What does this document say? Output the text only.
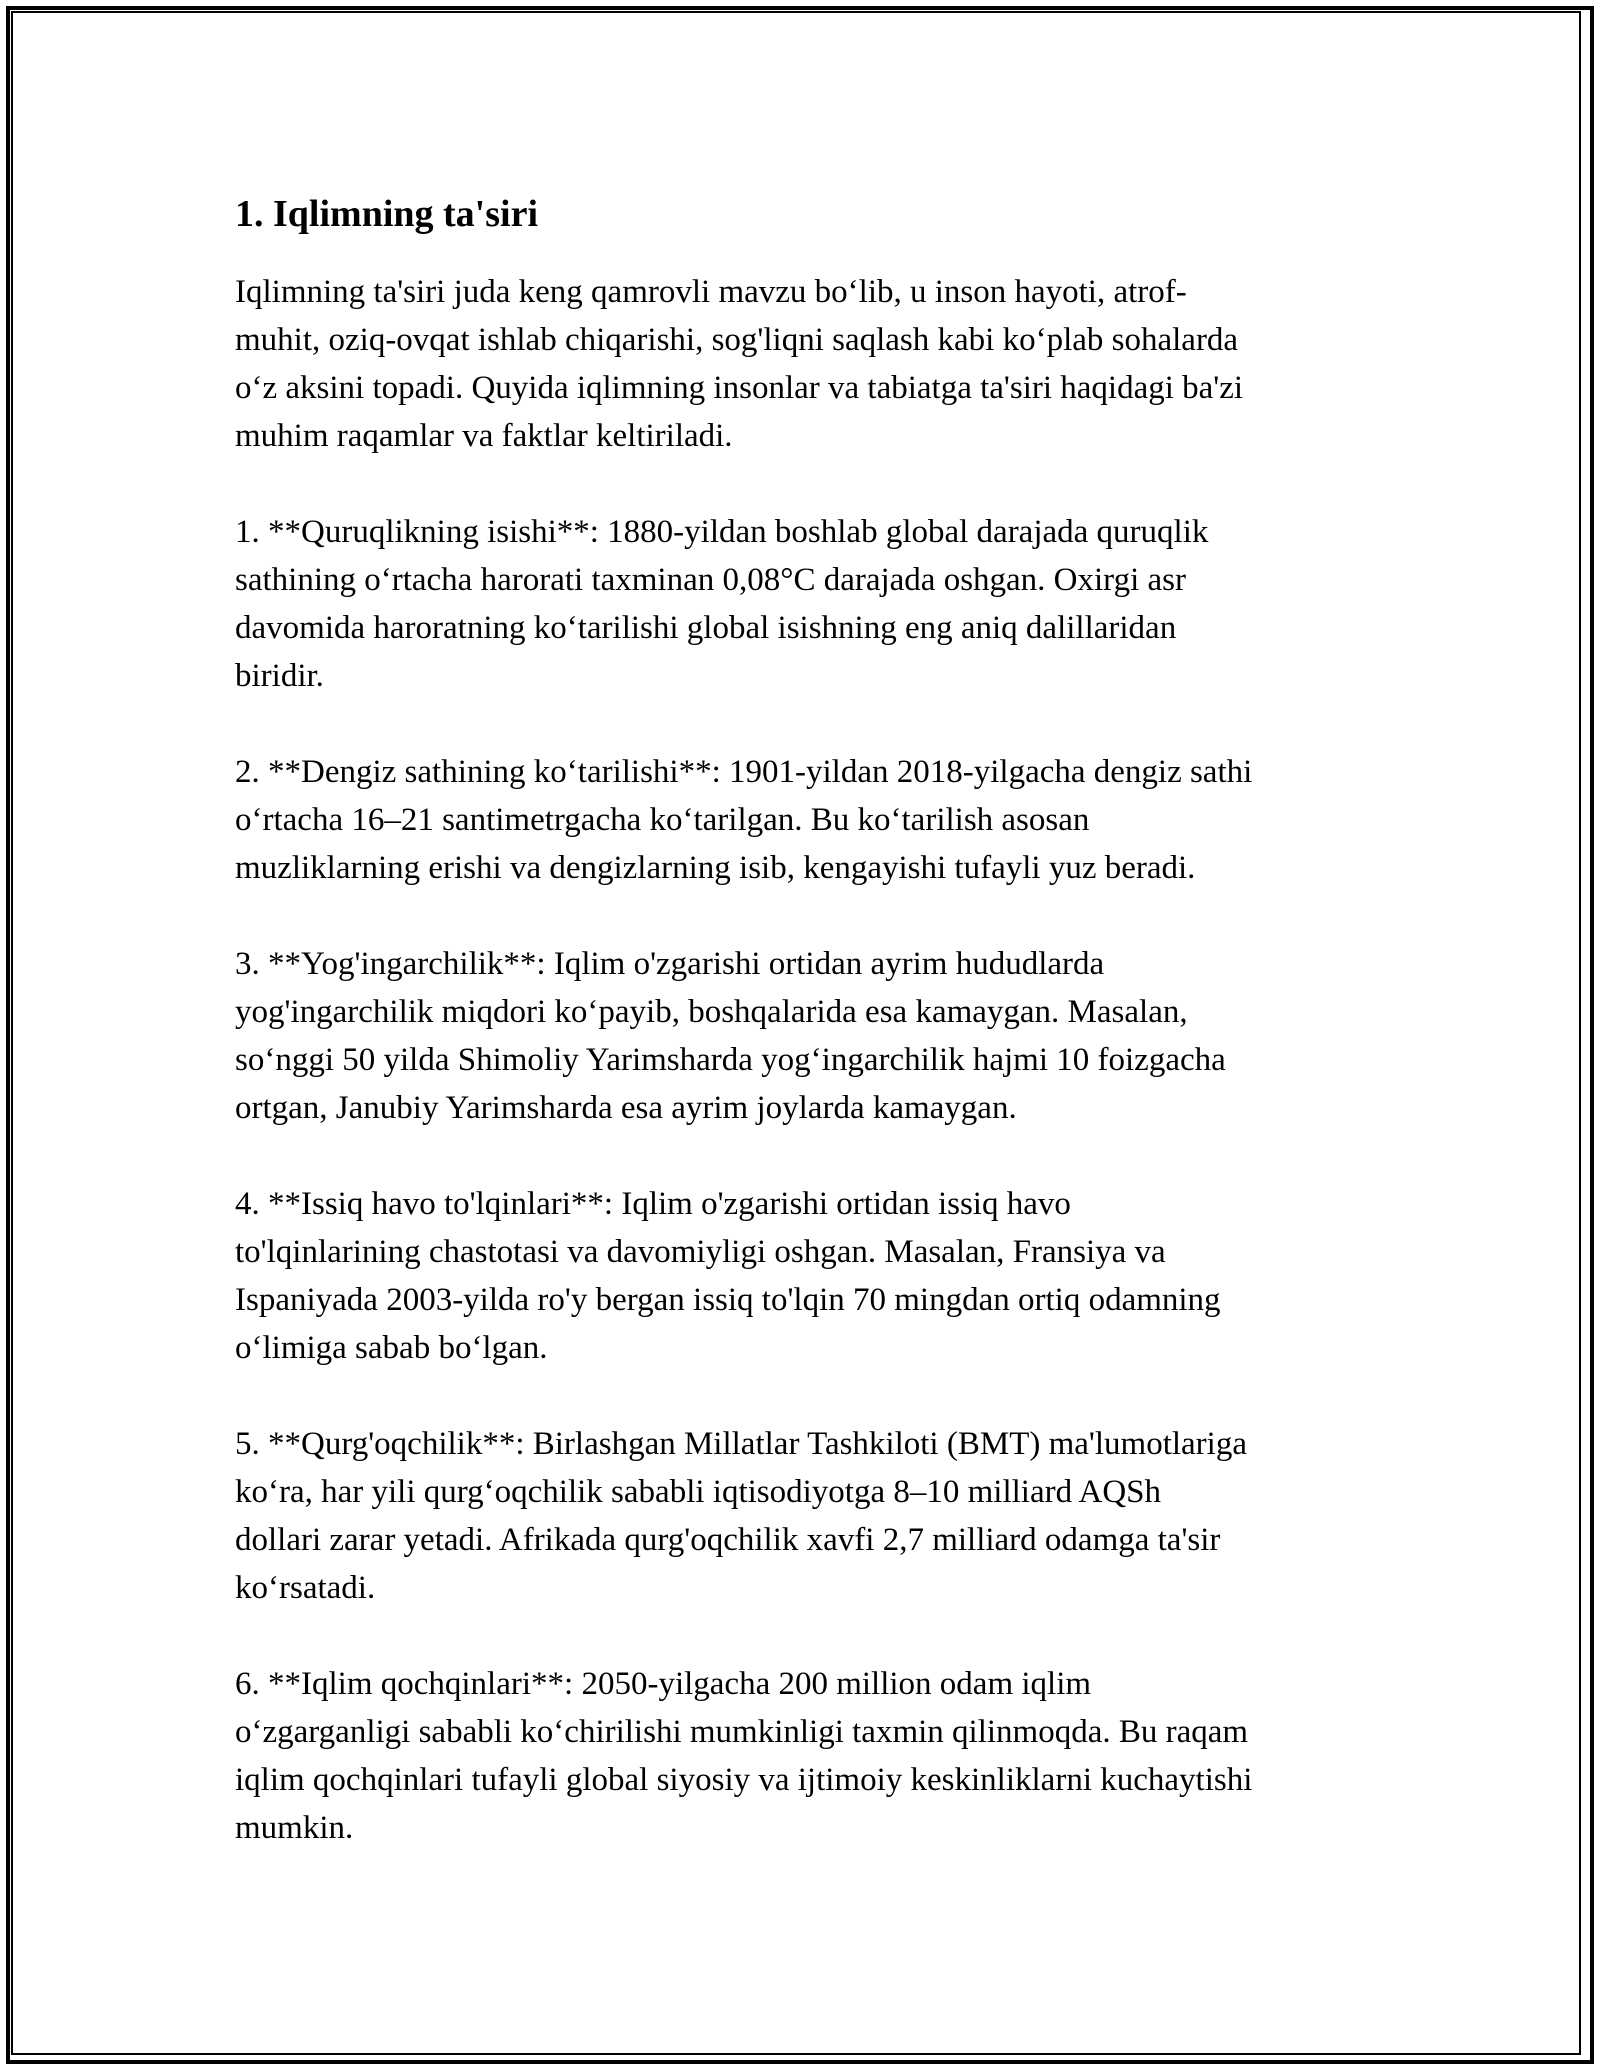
1. Iqlimning ta'siri

Iqlimning ta'siri juda keng qamrovli mavzu bo‘lib, u inson hayoti, atrof-
muhit, oziq-ovqat ishlab chiqarishi, sog'liqni saqlash kabi ko‘plab sohalarda
o‘z aksini topadi. Quyida iqlimning insonlar va tabiatga ta'siri haqidagi ba'zi
muhim raqamlar va faktlar keltiriladi.

1. **Quruqlikning isishi**: 1880-yildan boshlab global darajada quruqlik
sathining o‘rtacha harorati taxminan 0,08°C darajada oshgan. Oxirgi asr
davomida haroratning ko‘tarilishi global isishning eng aniq dalillaridan
biridir.

2. **Dengiz sathining ko‘tarilishi**: 1901-yildan 2018-yilgacha dengiz sathi
o‘rtacha 16–21 santimetrgacha ko‘tarilgan. Bu ko‘tarilish asosan
muzliklarning erishi va dengizlarning isib, kengayishi tufayli yuz beradi.

3. **Yog'ingarchilik**: Iqlim o'zgarishi ortidan ayrim hududlarda
yog'ingarchilik miqdori ko‘payib, boshqalarida esa kamaygan. Masalan,
so‘nggi 50 yilda Shimoliy Yarimsharda yog‘ingarchilik hajmi 10 foizgacha
ortgan, Janubiy Yarimsharda esa ayrim joylarda kamaygan.

4. **Issiq havo to'lqinlari**: Iqlim o'zgarishi ortidan issiq havo
to'lqinlarining chastotasi va davomiyligi oshgan. Masalan, Fransiya va
Ispaniyada 2003-yilda ro'y bergan issiq to'lqin 70 mingdan ortiq odamning
o‘limiga sabab bo‘lgan.

5. **Qurg'oqchilik**: Birlashgan Millatlar Tashkiloti (BMT) ma'lumotlariga
ko‘ra, har yili qurg‘oqchilik sababli iqtisodiyotga 8–10 milliard AQSh
dollari zarar yetadi. Afrikada qurg'oqchilik xavfi 2,7 milliard odamga ta'sir
ko‘rsatadi.

6. **Iqlim qochqinlari**: 2050-yilgacha 200 million odam iqlim
o‘zgarganligi sababli ko‘chirilishi mumkinligi taxmin qilinmoqda. Bu raqam
iqlim qochqinlari tufayli global siyosiy va ijtimoiy keskinliklarni kuchaytishi
mumkin.
